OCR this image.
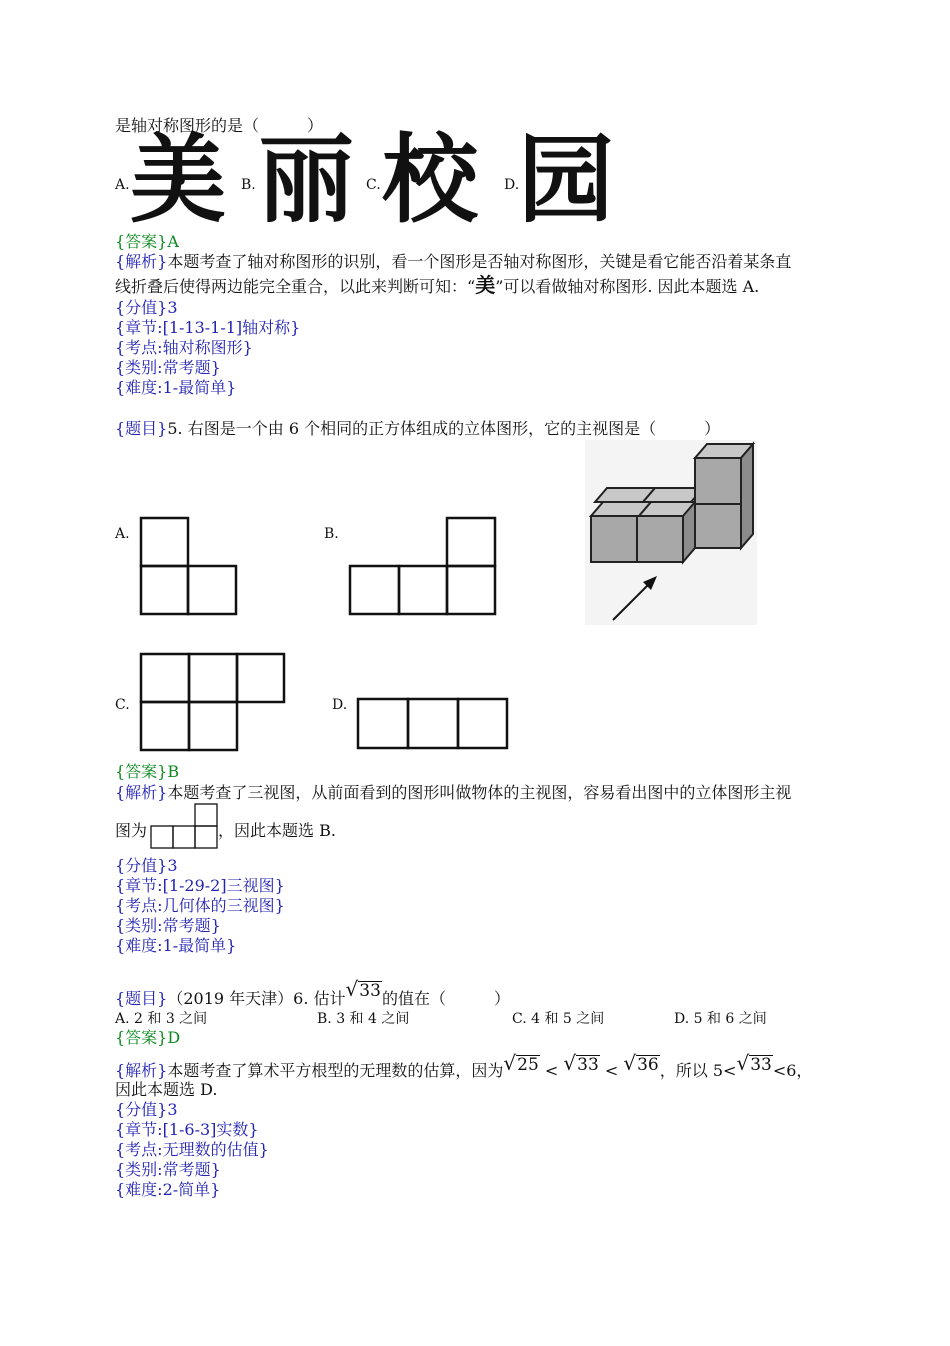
是轴对称图形的是（　　　）
A. 美 B. 丽 C. 校 D.
园
{答案}A
{解析}本题考查了轴对称图形的识别，看一个图形是否轴对称图形，关键是看它能否沿着某条直
线折叠后使得两边能完全重合，以此来判断可知：“美”可以看做轴对称图形. 因此本题选 A.
{分值}3
{章节:[1-13-1-1]轴对称}
{考点:轴对称图形}
{类别:常考题}
{难度:1-最简单}
{题目}5. 右图是一个由 6 个相同的正方体组成的立体图形，它的主视图是（　　　）
A.	B.
C.	D.
{答案}B
{解析}本题考查了三视图，从前面看到的图形叫做物体的主视图，容易看出图中的立体图形主视
图为	，因此本题选 B.
{分值}3
{章节:[1-29-2]三视图}
{考点:几何体的三视图}
{类别:常考题}
{难度:1-最简单}
{题目}（2019 年天津）6. 估计√33的值在（　　　）
A. 2 和 3 之间	B. 3 和 4 之间	C. 4 和 5 之间	D. 5 和 6 之间
{答案}D
{解析}本题考查了算术平方根型的无理数的估算，因为√25 < √33 < √36，所以 5<√33<6，
因此本题选 D.
{分值}3
{章节:[1-6-3]实数}
{考点:无理数的估值}
{类别:常考题}
{难度:2-简单}
